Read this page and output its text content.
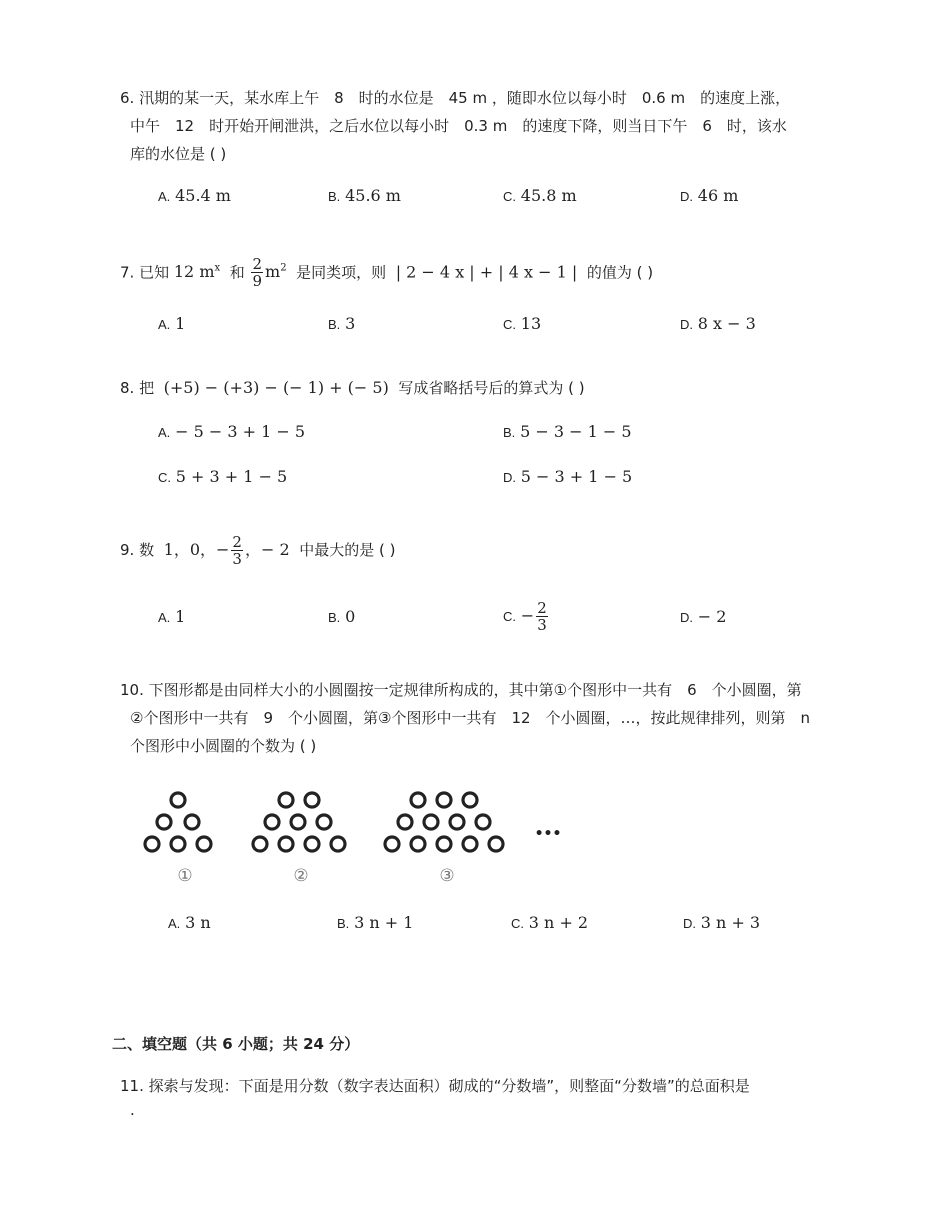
6. 汛期的某一天，某水库上午　8　时的水位是　45 m ，随即水位以每小时　0.6 m　的速度上涨，
中午　12　时开始开闸泄洪，之后水位以每小时　0.3 m　的速度下降，则当日下午　6　时，该水
库的水位是 ( )
A. 45.4 m	B. 45.6 m	C. 45.8 m	D. 46 m
7. 已知 12 $m^x$ 和 $\frac{2}{9} m^2$ 是同类项，则 | 2 − 4 x | + | 4 x − 1 | 的值为 ( )
A. 1	B. 3	C. 13	D. 8 x − 3
8. 把 (+5) − (+3) − (− 1) + (− 5) 写成省略括号后的算式为 ( )
A. − 5 − 3 + 1 − 5	B. 5 − 3 − 1 − 5
C. 5 + 3 + 1 − 5	D. 5 − 3 + 1 − 5
9. 数 1，0，− $\frac{2}{3}$ ，− 2 中最大的是 ( )
A. 1	B. 0	C. − $\frac{2}{3}$	D. − 2
10. 下图形都是由同样大小的小圆圈按一定规律所构成的，其中第①个图形中一共有　6　个小圆圈，第
②个图形中一共有　9　个小圆圈，第③个图形中一共有　12　个小圆圈，…，按此规律排列，则第　n
个图形中小圆圈的个数为 ( )
①	②	③
•••
A. 3 n	B. 3 n + 1	C. 3 n + 2	D. 3 n + 3
二、填空题（共 6 小题；共 24 分）
11. 探索与发现：下面是用分数（数字表达面积）砌成的“分数墙”，则整面“分数墙”的总面积是
.
